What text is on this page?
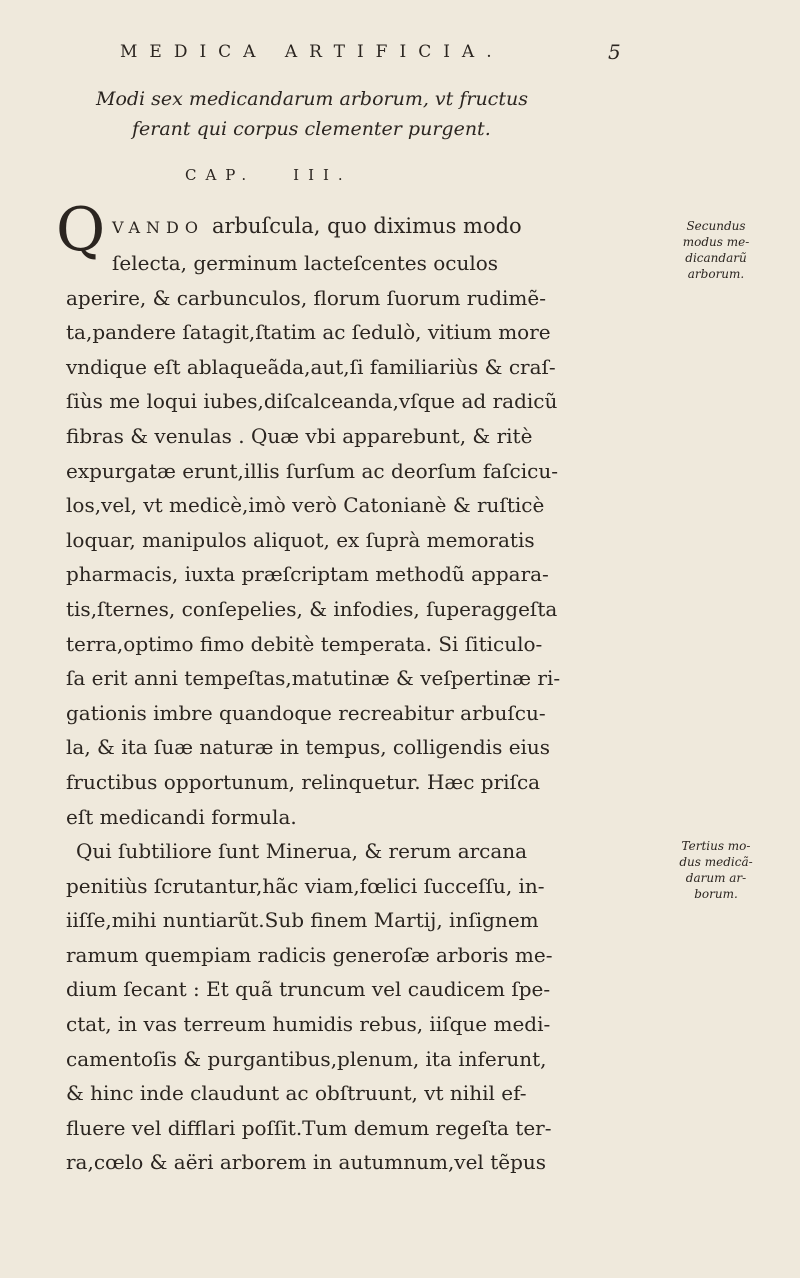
MEDICA ARTIFICIA.	5
Modi sex medicandarum arborum, vt fructus
ferant qui corpus clementer purgent.
CAP.	III.
Q VANDO arbuſcula, quo diximus modo
ſelecta, germinum lacteſcentes oculos
aperire, & carbunculos, florum ſuorum rudimẽ-
ta,pandere ſatagit,ſtatim ac ſedulò, vitium more
vndique eſt ablaqueãda,aut,ſi familiariùs & craſ-
ſiùs me loqui iubes,diſcalceanda,vſque ad radicũ
fibras & venulas . Quæ vbi apparebunt, & ritè
expurgatæ erunt,illis ſurſum ac deorſum faſcicu-
los,vel, vt medicè,imò verò Catonianè & ruſticè
loquar, manipulos aliquot, ex ſuprà memoratis
pharmacis, iuxta præſcriptam methodũ appara-
tis,ſternes, conſepelies, & infodies, ſuperaggeſta
terra,optimo fimo debitè temperata. Si ſiticulo-
ſa erit anni tempeſtas,matutinæ & veſpertinæ ri-
gationis imbre quandoque recreabitur arbuſcu-
la, & ita ſuæ naturæ in tempus, colligendis eius
fructibus opportunum, relinquetur. Hæc priſca
eſt medicandi formula.
Qui ſubtiliore ſunt Mineruа, & rerum arcana
penitiùs ſcrutantur,hãc viam,fœlici ſucceſſu, in-
iiſſe,mihi nuntiarũt.Sub finem Martij, inſignem
ramum quempiam radicis generoſæ arboris me-
dium ſecant : Et quã truncum vel caudicem ſpe-
ctat, in vas terreum humidis rebus, iiſque medi-
camentoſis & purgantibus,plenum, ita inferunt,
& hinc inde claudunt ac obſtruunt, vt nihil ef-
fluere vel difflari poſſit.Tum demum regeſta ter-
ra,cœlo & aëri arborem in autumnum,vel tẽpus
Secundus
modus me-
dicandarũ
arborum.
Tertius mo-
dus medicã-
darum ar-
borum.
